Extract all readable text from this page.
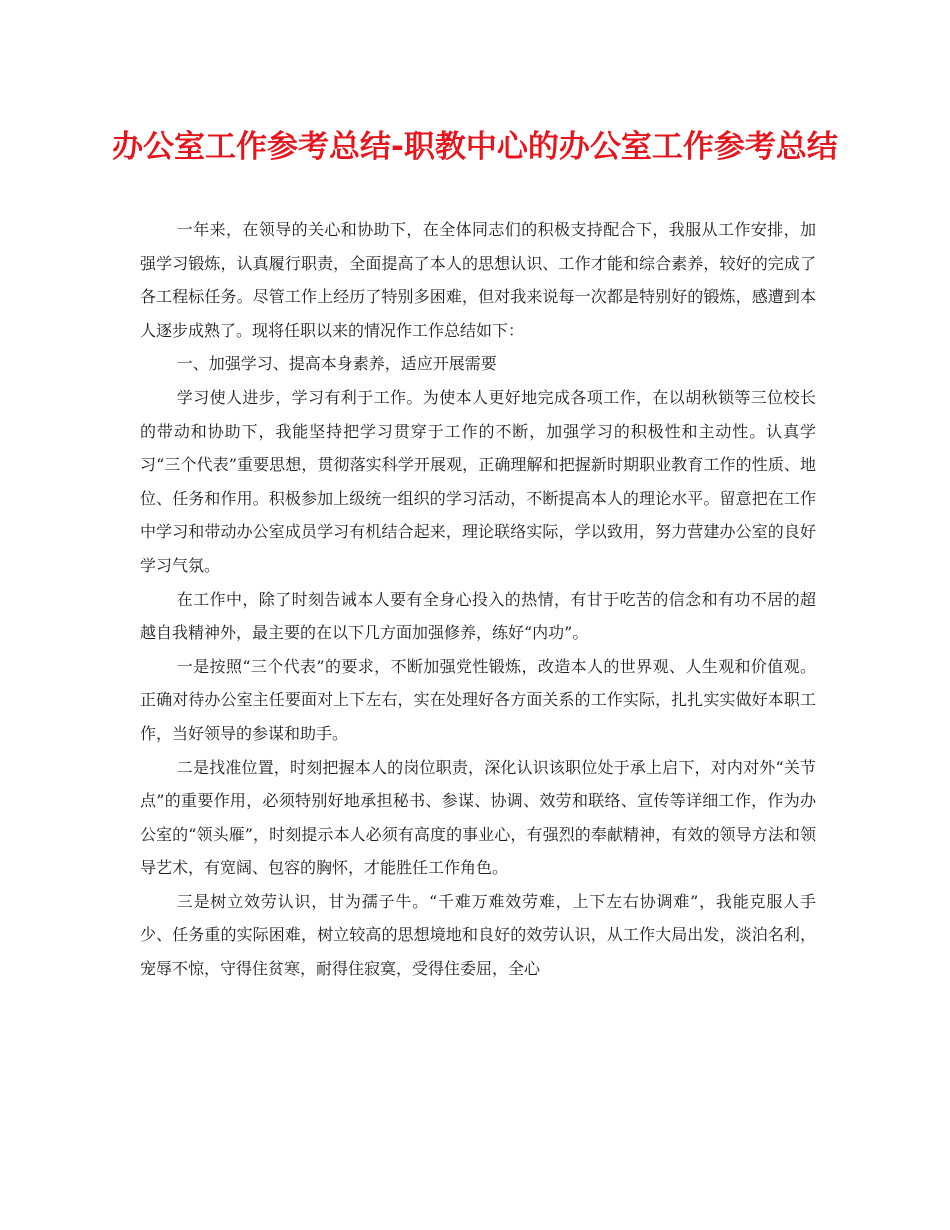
办公室工作参考总结-职教中心的办公室工作参考总结

一年来，在领导的关心和协助下，在全体同志们的积极支持配合下，我服从工作安排，加强学习锻炼，认真履行职责，全面提高了本人的思想认识、工作才能和综合素养，较好的完成了各工程标任务。尽管工作上经历了特别多困难，但对我来说每一次都是特别好的锻炼，感遭到本人逐步成熟了。现将任职以来的情况作工作总结如下：

一、加强学习、提高本身素养，适应开展需要

学习使人进步，学习有利于工作。为使本人更好地完成各项工作，在以胡秋锁等三位校长的带动和协助下，我能坚持把学习贯穿于工作的不断，加强学习的积极性和主动性。认真学习“三个代表”重要思想，贯彻落实科学开展观，正确理解和把握新时期职业教育工作的性质、地位、任务和作用。积极参加上级统一组织的学习活动，不断提高本人的理论水平。留意把在工作中学习和带动办公室成员学习有机结合起来，理论联络实际，学以致用，努力营建办公室的良好学习气氛。

在工作中，除了时刻告诫本人要有全身心投入的热情，有甘于吃苦的信念和有功不居的超越自我精神外，最主要的在以下几方面加强修养，练好“内功”。

一是按照“三个代表”的要求，不断加强党性锻炼，改造本人的世界观、人生观和价值观。正确对待办公室主任要面对上下左右，实在处理好各方面关系的工作实际，扎扎实实做好本职工作，当好领导的参谋和助手。

二是找准位置，时刻把握本人的岗位职责，深化认识该职位处于承上启下，对内对外“关节点”的重要作用，必须特别好地承担秘书、参谋、协调、效劳和联络、宣传等详细工作，作为办公室的“领头雁”，时刻提示本人必须有高度的事业心，有强烈的奉献精神，有效的领导方法和领导艺术，有宽阔、包容的胸怀，才能胜任工作角色。

三是树立效劳认识，甘为孺子牛。“千难万难效劳难，上下左右协调难”，我能克服人手少、任务重的实际困难，树立较高的思想境地和良好的效劳认识，从工作大局出发，淡泊名利，宠辱不惊，守得住贫寒，耐得住寂寞，受得住委屈，全心
